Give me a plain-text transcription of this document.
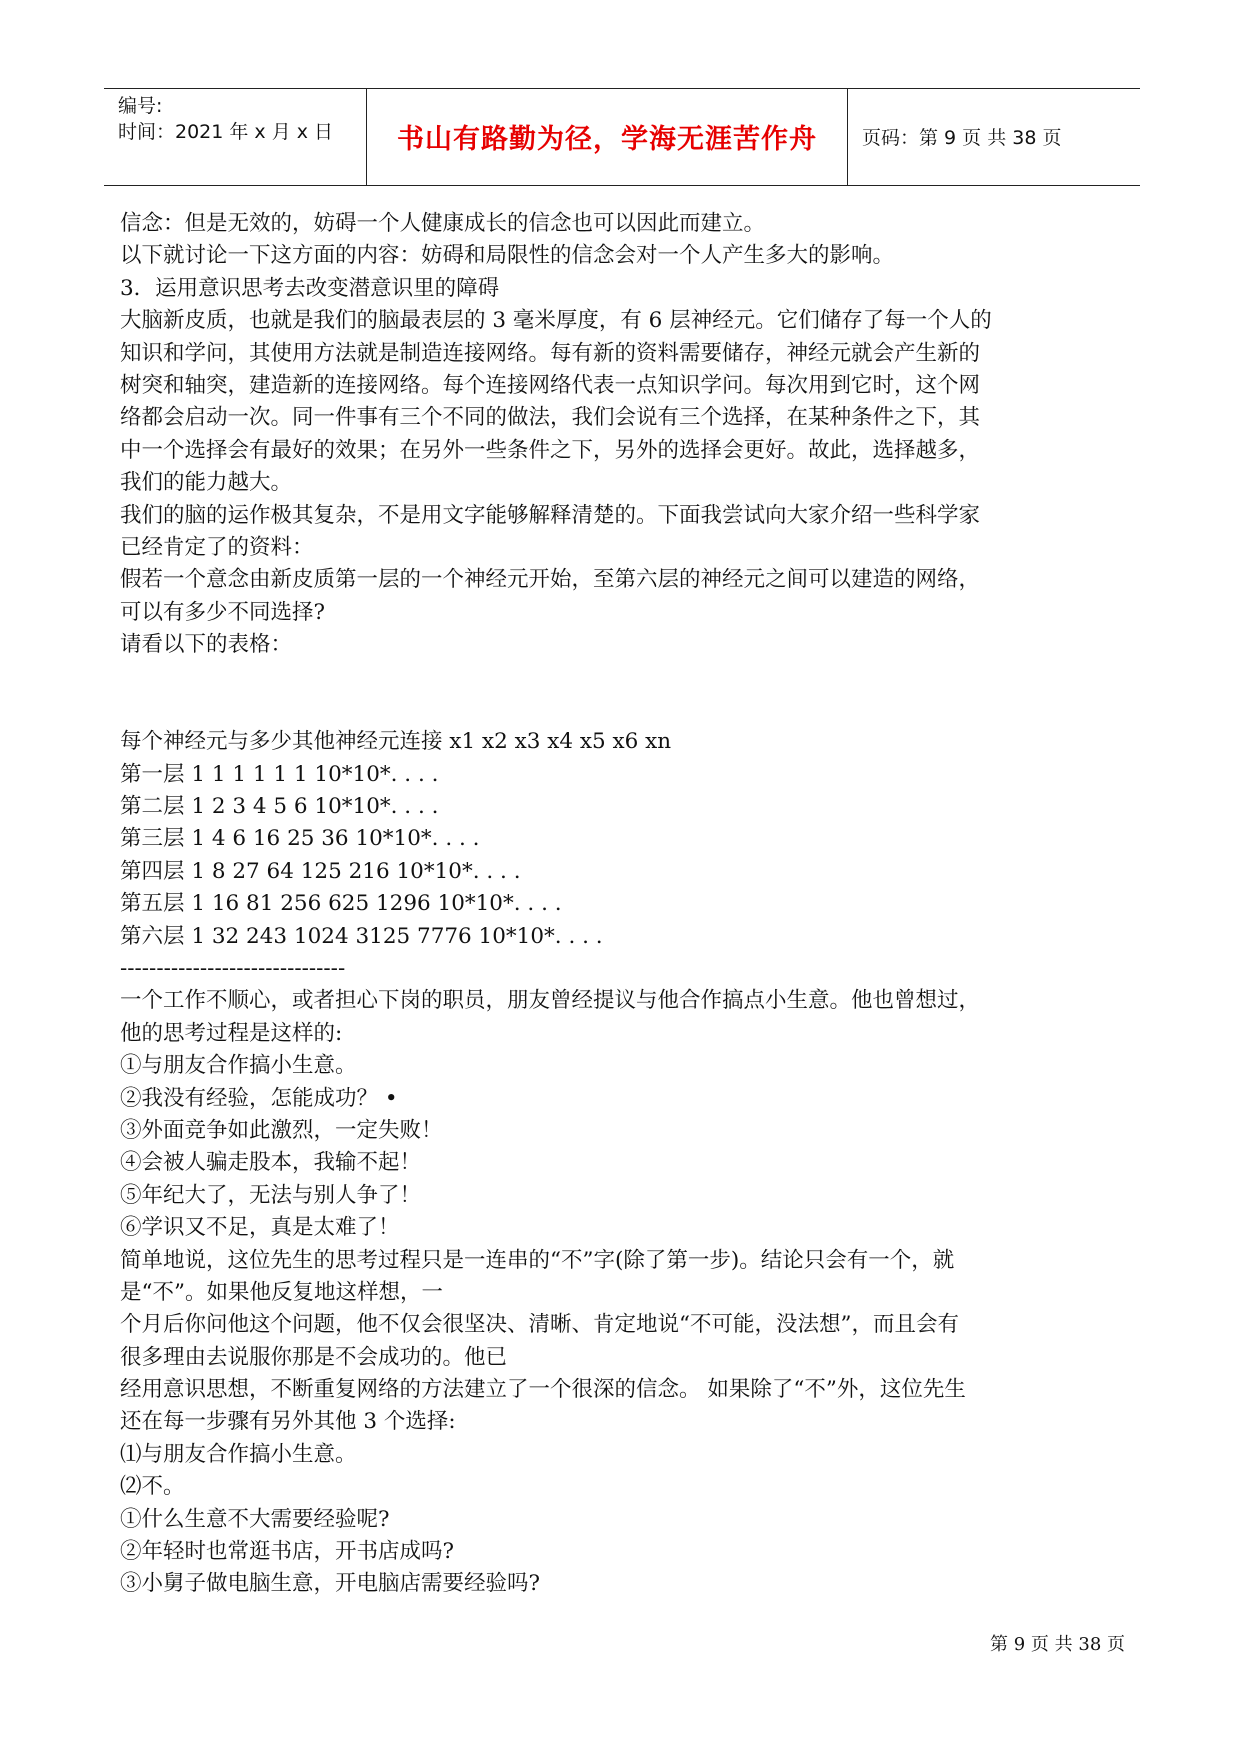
编号:
时间：2021 年 x 月 x 日	书山有路勤为径，学海无涯苦作舟	页码：第 9 页 共 38 页
信念：但是无效的，妨碍一个人健康成长的信念也可以因此而建立。
以下就讨论一下这方面的内容：妨碍和局限性的信念会对一个人产生多大的影响。
3．运用意识思考去改变潜意识里的障碍
大脑新皮质，也就是我们的脑最表层的 3 毫米厚度，有 6 层神经元。它们储存了每一个人的
知识和学问，其使用方法就是制造连接网络。每有新的资料需要储存，神经元就会产生新的
树突和轴突，建造新的连接网络。每个连接网络代表一点知识学问。每次用到它时，这个网
络都会启动一次。同一件事有三个不同的做法，我们会说有三个选择，在某种条件之下，其
中一个选择会有最好的效果；在另外一些条件之下，另外的选择会更好。故此，选择越多，
我们的能力越大。
我们的脑的运作极其复杂，不是用文字能够解释清楚的。下面我尝试向大家介绍一些科学家
已经肯定了的资料：
假若一个意念由新皮质第一层的一个神经元开始，至第六层的神经元之间可以建造的网络，
可以有多少不同选择?
请看以下的表格：
每个神经元与多少其他神经元连接 x1 x2 x3 x4 x5 x6 xn
第一层 1 1 1 1 1 1 10*10*. . . .
第二层 1 2 3 4 5 6 10*10*. . . .
第三层 1 4 6 16 25 36 10*10*. . . .
第四层 1 8 27 64 125 216 10*10*. . . .
第五层 1 16 81 256 625 1296 10*10*. . . .
第六层 1 32 243 1024 3125 7776 10*10*. . . .
-------------------------------
一个工作不顺心，或者担心下岗的职员，朋友曾经提议与他合作搞点小生意。他也曾想过，
他的思考过程是这样的:
①与朋友合作搞小生意。
②我没有经验，怎能成功？ •
③外面竞争如此激烈，一定失败！
④会被人骗走股本，我输不起！
⑤年纪大了，无法与别人争了！
⑥学识又不足，真是太难了！
简单地说，这位先生的思考过程只是一连串的“不”字(除了第一步)。结论只会有一个，就
是“不”。如果他反复地这样想，一
个月后你问他这个问题，他不仅会很坚决、清晰、肯定地说“不可能，没法想”，而且会有
很多理由去说服你那是不会成功的。他已
经用意识思想，不断重复网络的方法建立了一个很深的信念。 如果除了“不”外，这位先生
还在每一步骤有另外其他 3 个选择:
⑴与朋友合作搞小生意。
⑵不。
①什么生意不大需要经验呢?
②年轻时也常逛书店，开书店成吗?
③小舅子做电脑生意，开电脑店需要经验吗?
第 9 页 共 38 页
